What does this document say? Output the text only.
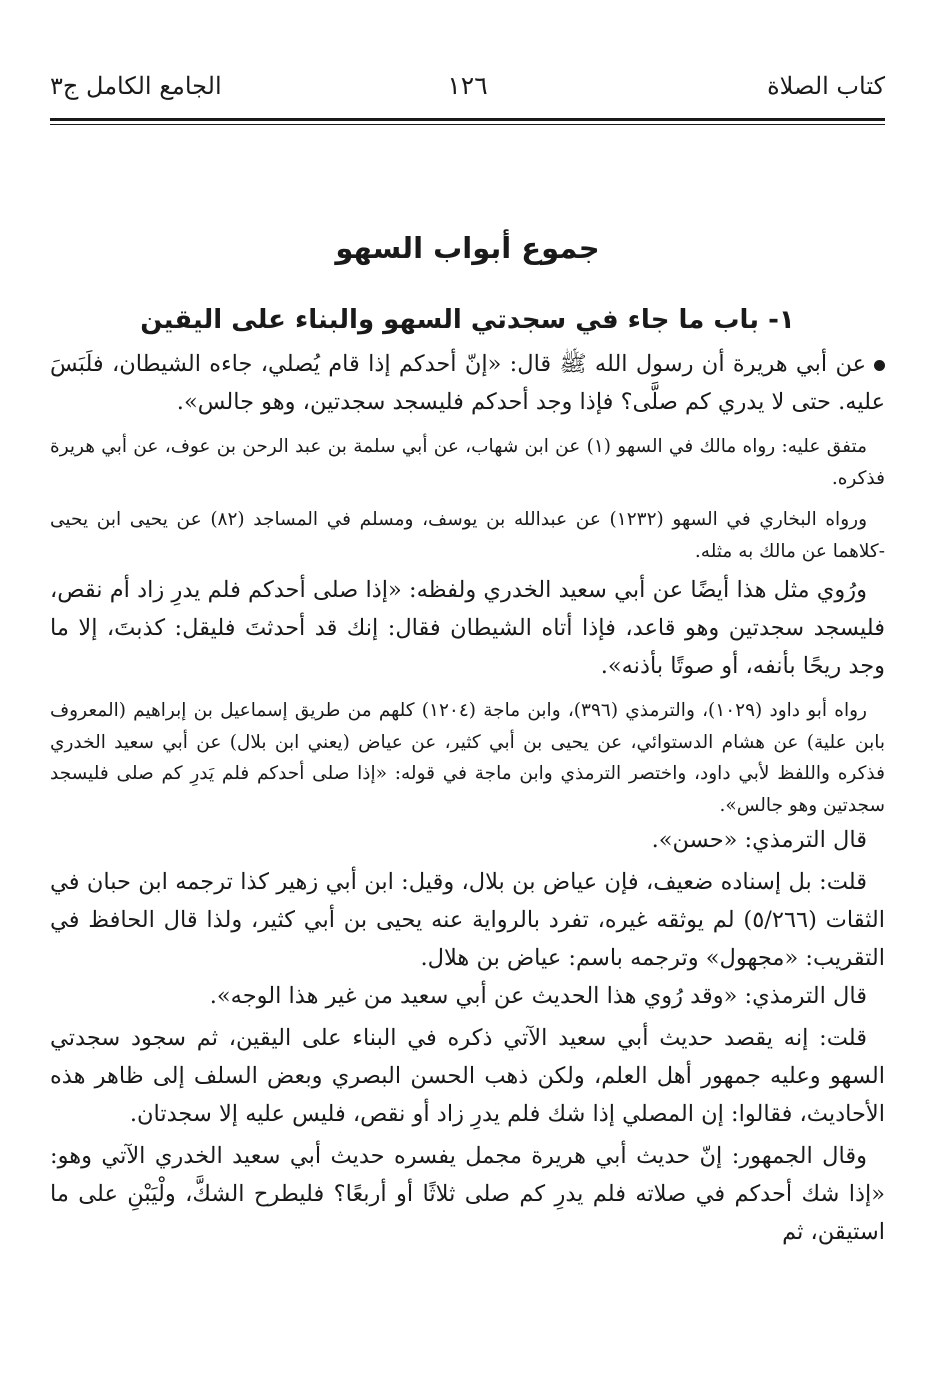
كتاب الصلاة
١٢٦
الجامع الكامل ج٣
جموع أبواب السهو
١- باب ما جاء في سجدتي السهو والبناء على اليقين

عن أبي هريرة أن رسول الله ﷺ قال: «إنّ أحدكم إذا قام يُصلي، جاءه الشيطان، فلَبَسَ عليه. حتى لا يدري كم صلَّى؟ فإذا وجد أحدكم فليسجد سجدتين، وهو جالس».

متفق عليه: رواه مالك في السهو (١) عن ابن شهاب، عن أبي سلمة بن عبد الرحن بن عوف، عن أبي هريرة فذكره.

ورواه البخاري في السهو (١٢٣٢) عن عبدالله بن يوسف، ومسلم في المساجد (٨٢) عن يحيى ابن يحيى -كلاهما عن مالك به مثله.

ورُوي مثل هذا أيضًا عن أبي سعيد الخدري ولفظه: «إذا صلى أحدكم فلم يدرِ زاد أم نقص، فليسجد سجدتين وهو قاعد، فإذا أتاه الشيطان فقال: إنك قد أحدثتَ فليقل: كذبتَ، إلا ما وجد ريحًا بأنفه، أو صوتًا بأذنه».

رواه أبو داود (١٠٢٩)، والترمذي (٣٩٦)، وابن ماجة (١٢٠٤) كلهم من طريق إسماعيل بن إبراهيم (المعروف بابن علية) عن هشام الدستوائي، عن يحيى بن أبي كثير، عن عياض (يعني ابن بلال) عن أبي سعيد الخدري فذكره واللفظ لأبي داود، واختصر الترمذي وابن ماجة في قوله: «إذا صلى أحدكم فلم يَدرِ كم صلى فليسجد سجدتين وهو جالس».

قال الترمذي: «حسن».

قلت: بل إسناده ضعيف، فإن عياض بن بلال، وقيل: ابن أبي زهير كذا ترجمه ابن حبان في الثقات (٥/٢٦٦) لم يوثقه غيره، تفرد بالرواية عنه يحيى بن أبي كثير، ولذا قال الحافظ في التقريب: «مجهول» وترجمه باسم: عياض بن هلال.

قال الترمذي: «وقد رُوي هذا الحديث عن أبي سعيد من غير هذا الوجه».

قلت: إنه يقصد حديث أبي سعيد الآتي ذكره في البناء على اليقين، ثم سجود سجدتي السهو وعليه جمهور أهل العلم، ولكن ذهب الحسن البصري وبعض السلف إلى ظاهر هذه الأحاديث، فقالوا: إن المصلي إذا شك فلم يدرِ زاد أو نقص، فليس عليه إلا سجدتان.

وقال الجمهور: إنّ حديث أبي هريرة مجمل يفسره حديث أبي سعيد الخدري الآتي وهو: «إذا شك أحدكم في صلاته فلم يدرِ كم صلى ثلاثًا أو أربعًا؟ فليطرح الشكَّ، ولْيَبْنِ على ما استيقن، ثم
